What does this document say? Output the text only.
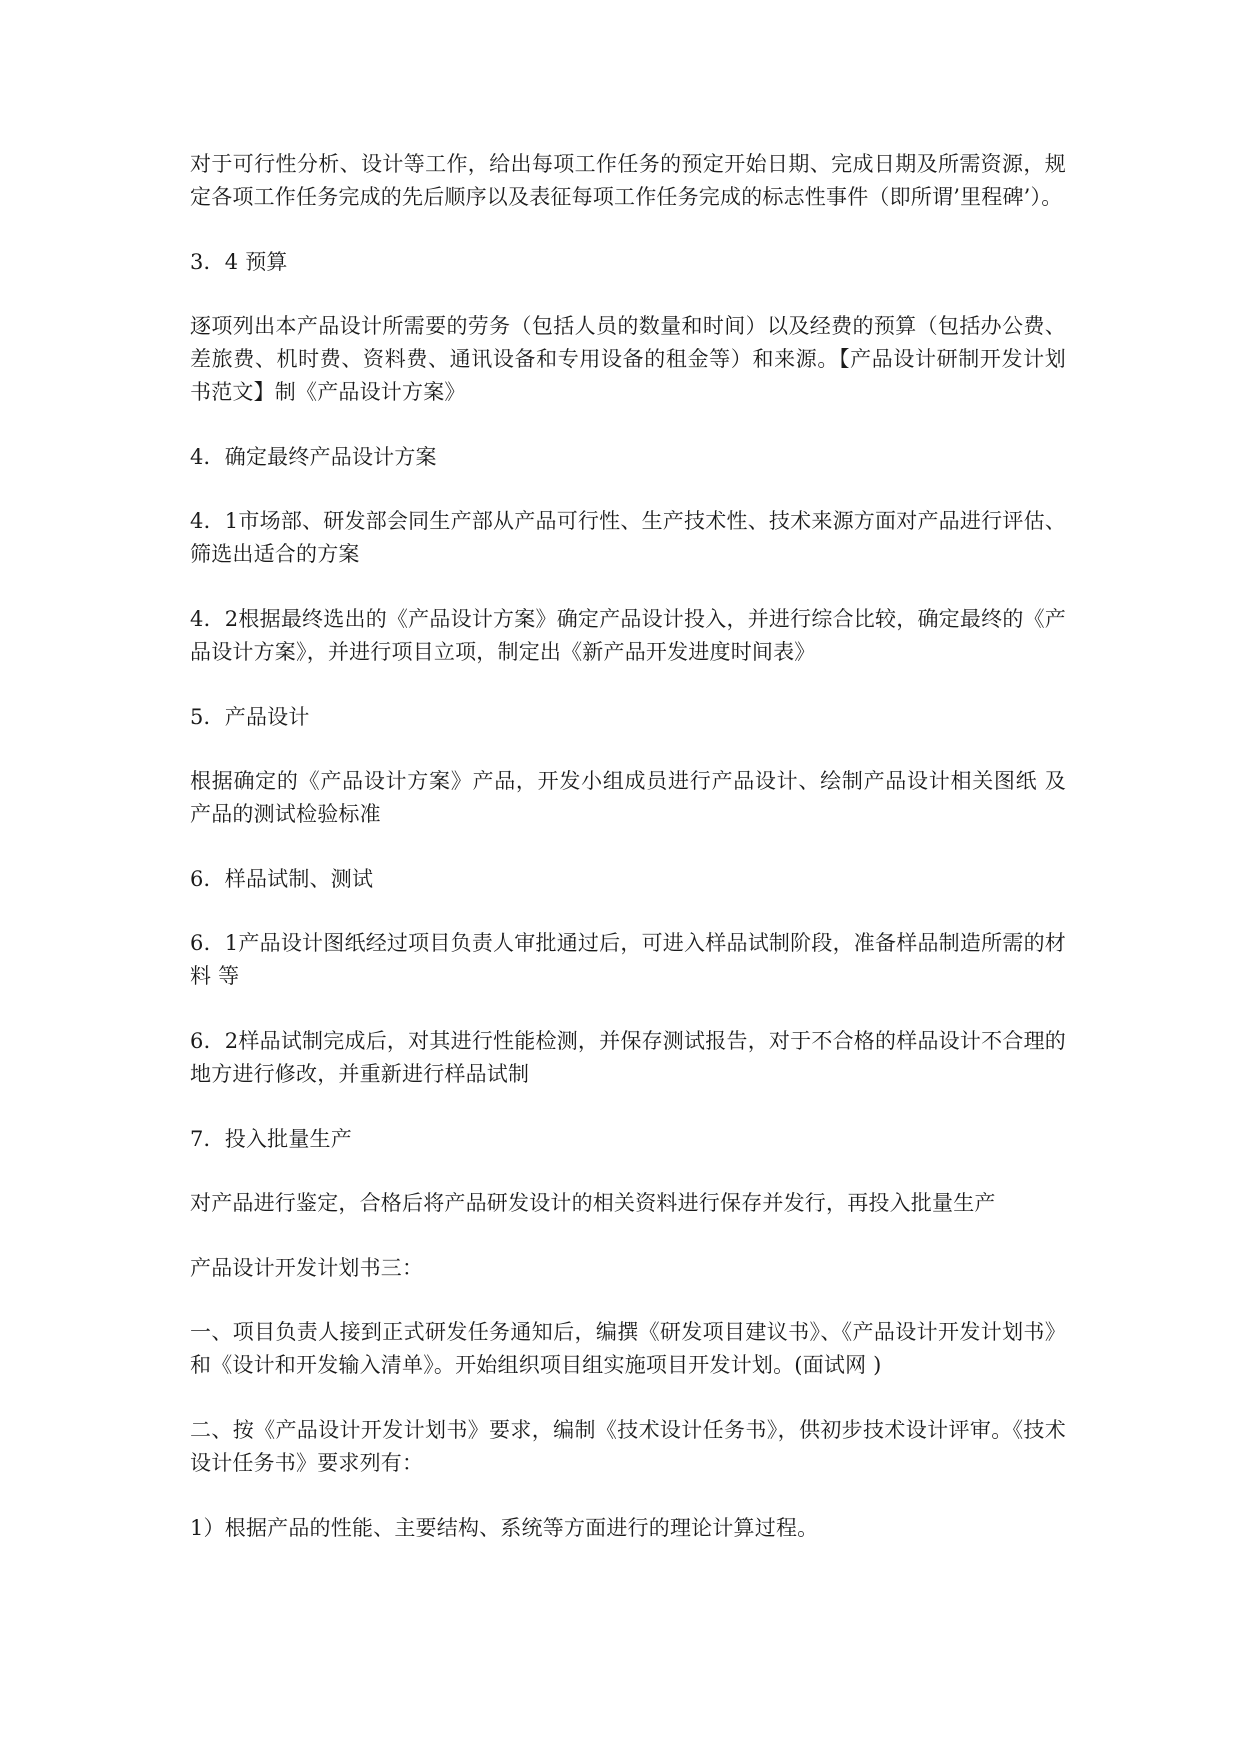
对于可行性分析、设计等工作，给出每项工作任务的预定开始日期、完成日期及所需资源，规定各项工作任务完成的先后顺序以及表征每项工作任务完成的标志性事件（即所谓’里程碑’）。

3．4 预算

逐项列出本产品设计所需要的劳务（包括人员的数量和时间）以及经费的预算（包括办公费、差旅费、机时费、资料费、通讯设备和专用设备的租金等）和来源。【产品设计研制开发计划书范文】制《产品设计方案》

4．确定最终产品设计方案

4．1市场部、研发部会同生产部从产品可行性、生产技术性、技术来源方面对产品进行评估、筛选出适合的方案

4．2根据最终选出的《产品设计方案》确定产品设计投入，并进行综合比较，确定最终的《产品设计方案》，并进行项目立项，制定出《新产品开发进度时间表》

5．产品设计

根据确定的《产品设计方案》产品，开发小组成员进行产品设计、绘制产品设计相关图纸 及产品的测试检验标准

6．样品试制、测试

6．1产品设计图纸经过项目负责人审批通过后，可进入样品试制阶段，准备样品制造所需的材料 等

6．2样品试制完成后，对其进行性能检测，并保存测试报告，对于不合格的样品设计不合理的地方进行修改，并重新进行样品试制

7．投入批量生产

对产品进行鉴定，合格后将产品研发设计的相关资料进行保存并发行，再投入批量生产

产品设计开发计划书三：

一、项目负责人接到正式研发任务通知后，编撰《研发项目建议书》、《产品设计开发计划书》和《设计和开发输入清单》。开始组织项目组实施项目开发计划。(面试网 )

二、按《产品设计开发计划书》要求，编制《技术设计任务书》，供初步技术设计评审。《技术设计任务书》要求列有：

1）根据产品的性能、主要结构、系统等方面进行的理论计算过程。
